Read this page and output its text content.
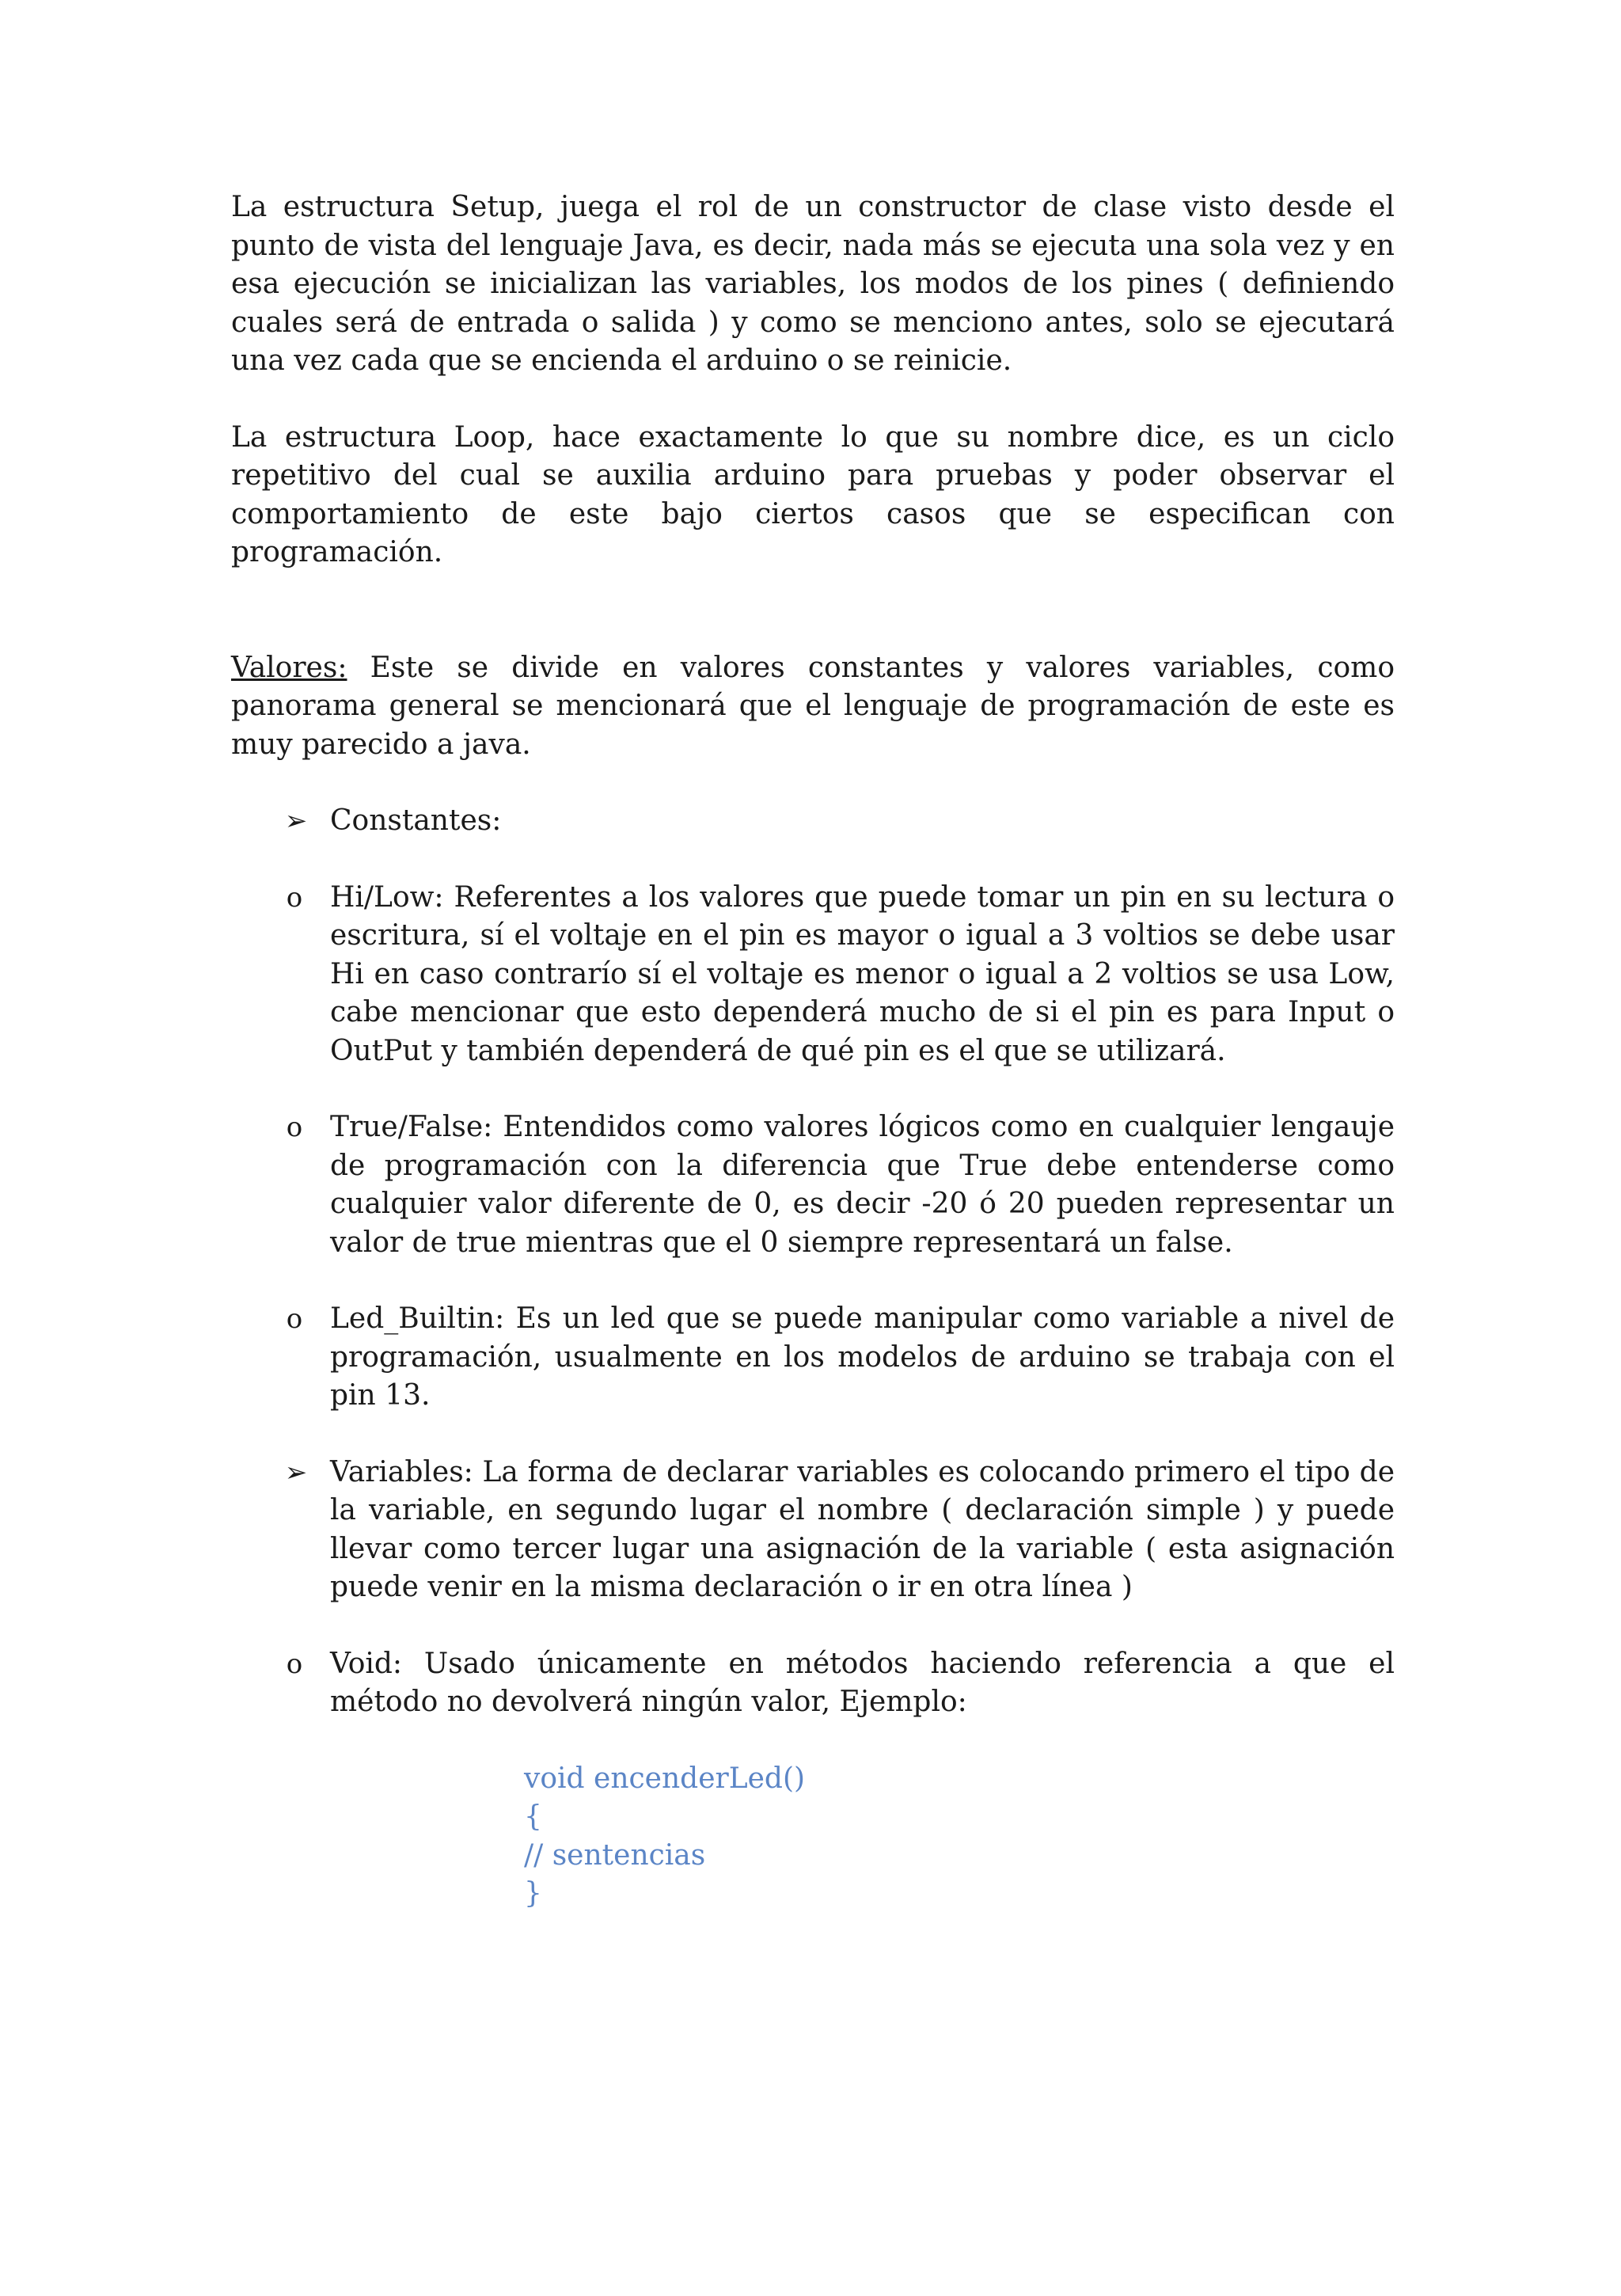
La estructura Setup, juega el rol de un constructor de clase visto desde el punto de vista del lenguaje Java, es decir, nada más se ejecuta una sola vez y en esa ejecución se inicializan las variables, los modos de los pines ( definiendo cuales será de entrada o salida ) y como se menciono antes, solo se ejecutará una vez cada que se encienda el arduino o se reinicie.

La estructura Loop, hace exactamente lo que su nombre dice, es un ciclo repetitivo del cual se auxilia arduino para pruebas y poder observar el comportamiento de este bajo ciertos casos que se especifican con programación.

Valores: Este se divide en valores constantes y valores variables, como panorama general se mencionará que el lenguaje de programación de este es muy parecido a java.

➢ Constantes:
o Hi/Low: Referentes a los valores que puede tomar un pin en su lectura o escritura, sí el voltaje en el pin es mayor o igual a 3 voltios se debe usar Hi en caso contrarío sí el voltaje es menor o igual a 2 voltios se usa Low, cabe mencionar que esto dependerá mucho de si el pin es para Input o OutPut y también dependerá de qué pin es el que se utilizará.
o True/False: Entendidos como valores lógicos como en cualquier lengauje de programación con la diferencia que True debe entenderse como cualquier valor diferente de 0, es decir -20 ó 20 pueden representar un valor de true mientras que el 0 siempre representará un false.
o Led_Builtin: Es un led que se puede manipular como variable a nivel de programación, usualmente en los modelos de arduino se trabaja con el pin 13.
➢ Variables: La forma de declarar variables es colocando primero el tipo de la variable, en segundo lugar el nombre ( declaración simple ) y puede llevar como tercer lugar una asignación de la variable ( esta asignación puede venir en la misma declaración o ir en otra línea )
o Void: Usado únicamente en métodos haciendo referencia a que el método no devolverá ningún valor, Ejemplo:
void encenderLed()
{
// sentencias
}
